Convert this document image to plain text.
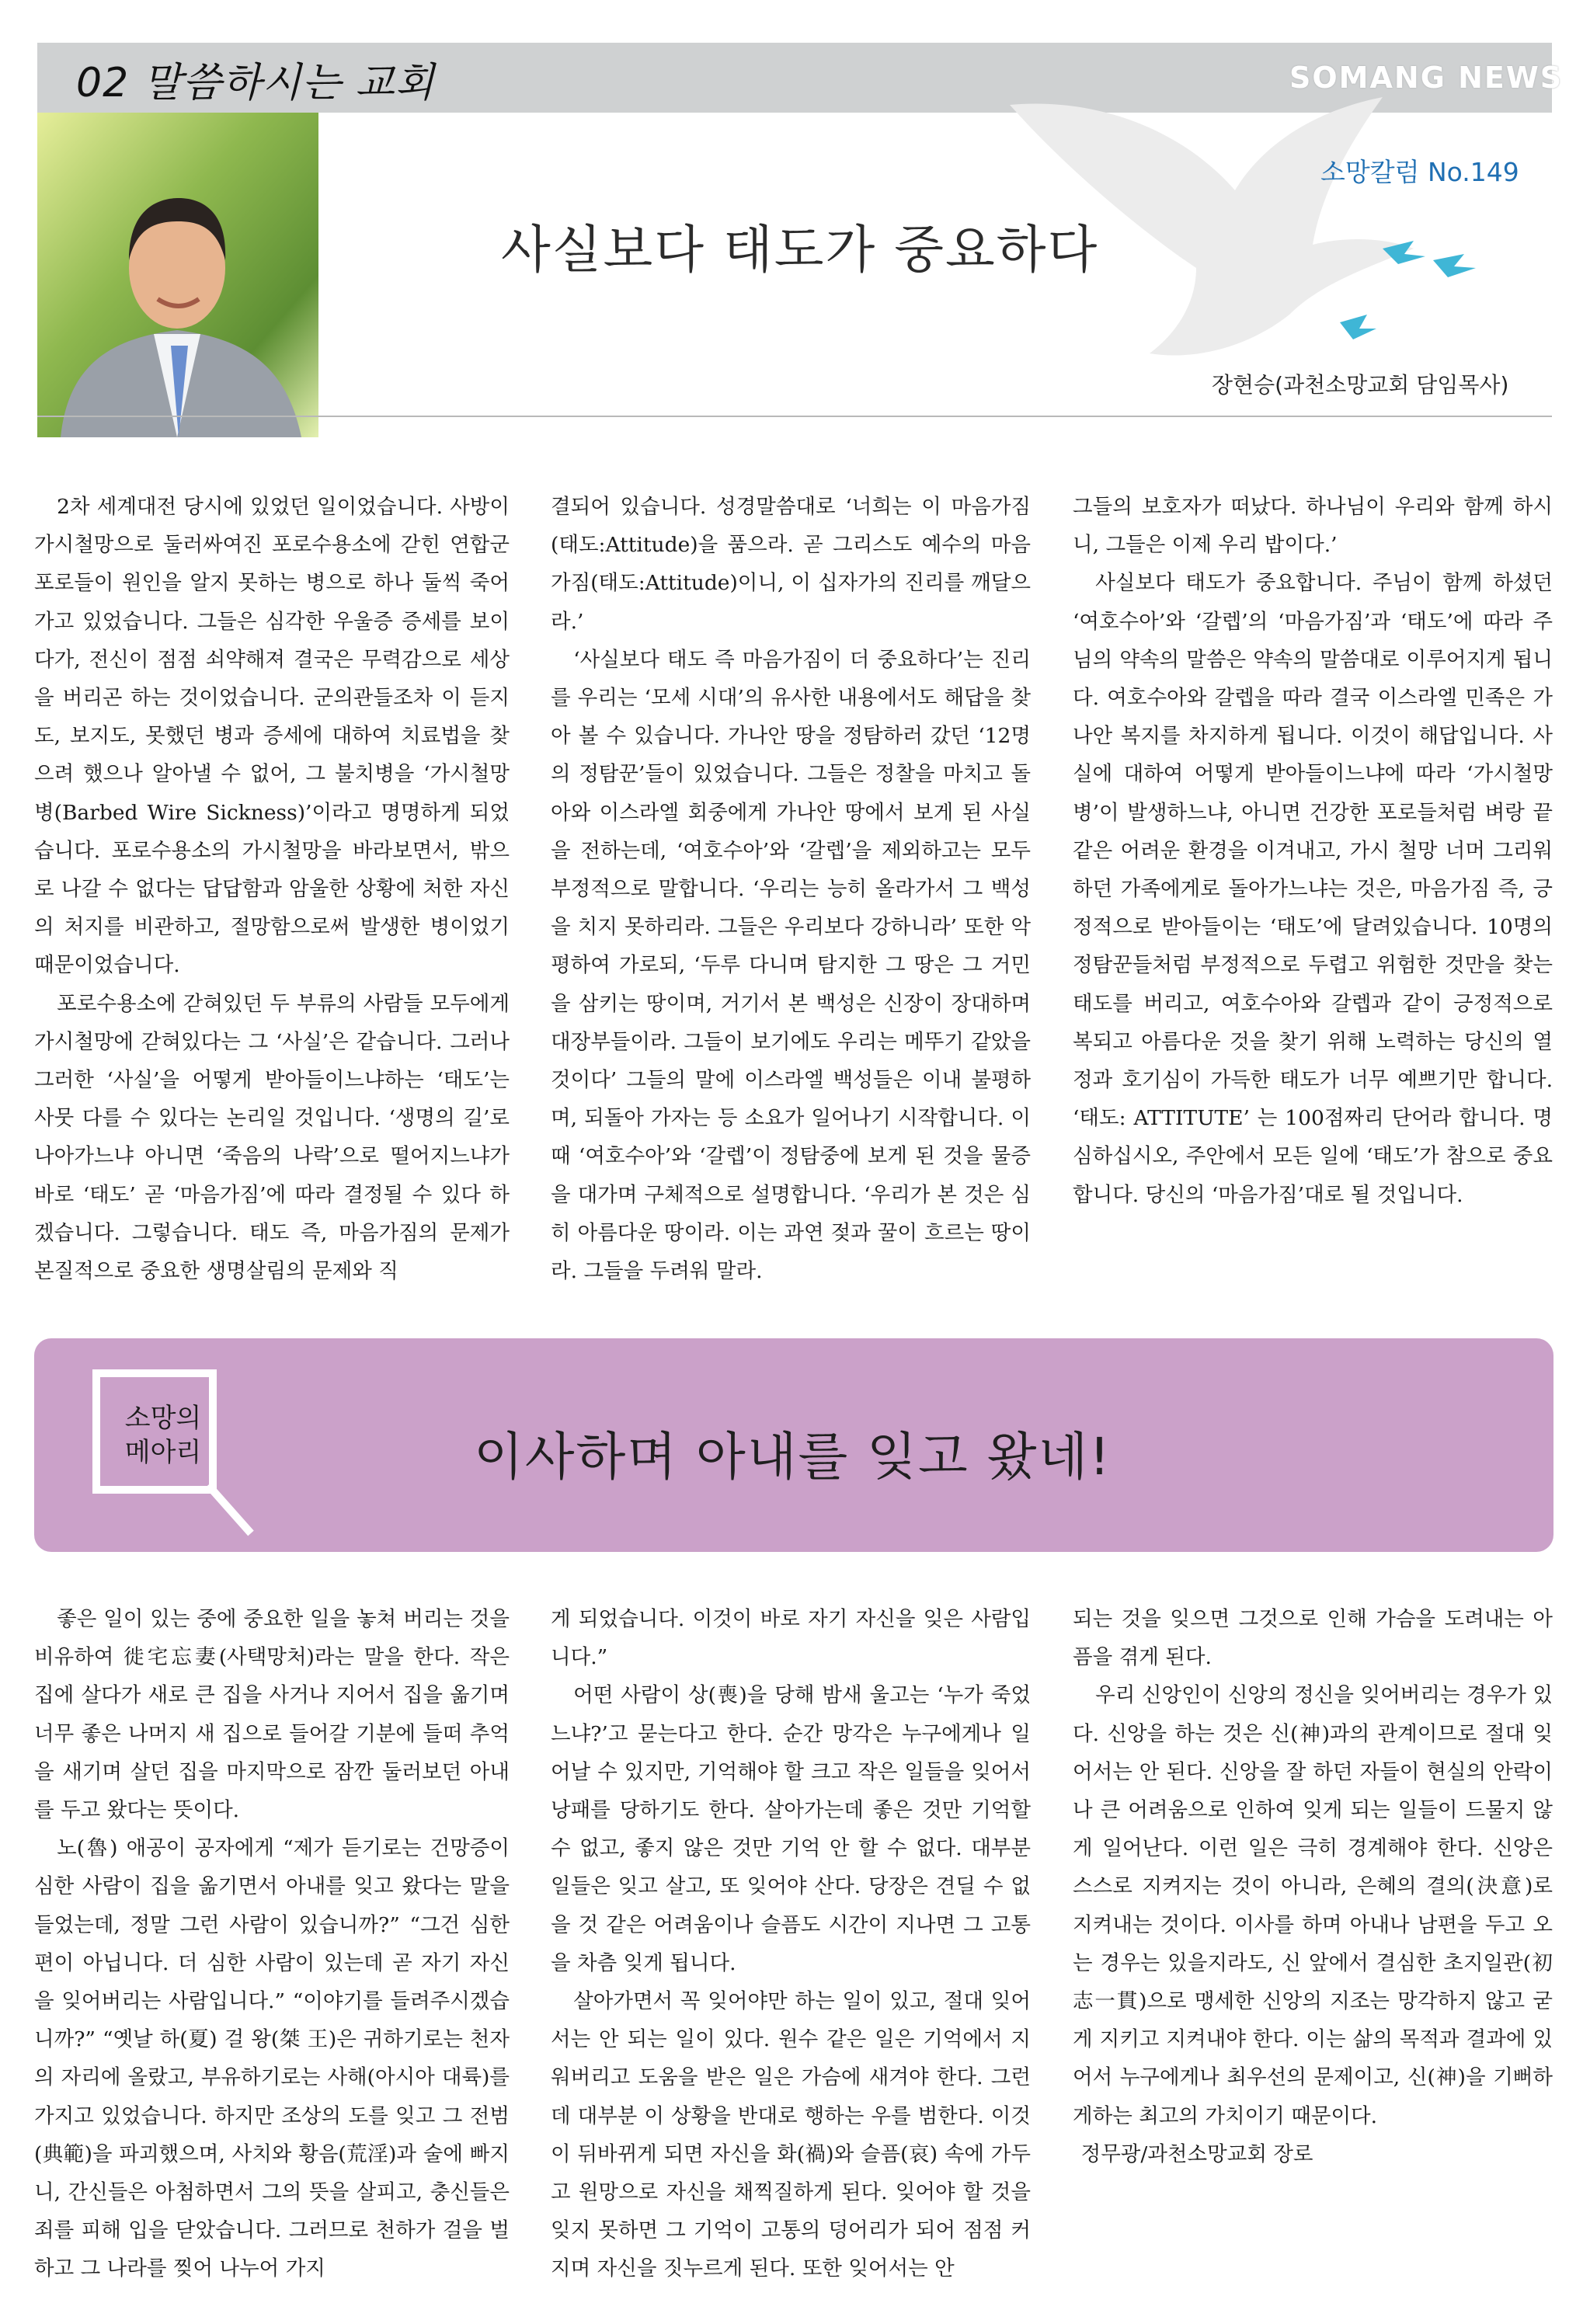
02 말씀하시는 교회	SOMANG NEWS
소망칼럼 No.149
사실보다 태도가 중요하다
장현승(과천소망교회 담임목사)

2차 세계대전 당시에 있었던 일이었습니다. 사방이 가시철망으로 둘러싸여진 포로수용소에 갇힌 연합군 포로들이 원인을 알지 못하는 병으로 하나 둘씩 죽어가고 있었습니다. 그들은 심각한 우울증 증세를 보이다가, 전신이 점점 쇠약해져 결국은 무력감으로 세상을 버리곤 하는 것이었습니다. 군의관들조차 이 듣지도, 보지도, 못했던 병과 증세에 대하여 치료법을 찾으려 했으나 알아낼 수 없어, 그 불치병을 ‘가시철망 병(Barbed Wire Sickness)’이라고 명명하게 되었습니다. 포로수용소의 가시철망을 바라보면서, 밖으로 나갈 수 없다는 답답함과 암울한 상황에 처한 자신의 처지를 비관하고, 절망함으로써 발생한 병이었기 때문이었습니다.

포로수용소에 갇혀있던 두 부류의 사람들 모두에게 가시철망에 갇혀있다는 그 ‘사실’은 같습니다. 그러나 그러한 ‘사실’을 어떻게 받아들이느냐하는 ‘태도’는 사뭇 다를 수 있다는 논리일 것입니다. ‘생명의 길’로 나아가느냐 아니면 ‘죽음의 나락’으로 떨어지느냐가 바로 ‘태도’ 곧 ‘마음가짐’에 따라 결정될 수 있다 하겠습니다. 그렇습니다. 태도 즉, 마음가짐의 문제가 본질적으로 중요한 생명살림의 문제와 직

결되어 있습니다. 성경말씀대로 ‘너희는 이 마음가짐(태도:Attitude)을 품으라. 곧 그리스도 예수의 마음가짐(태도:Attitude)이니, 이 십자가의 진리를 깨달으라.’

‘사실보다 태도 즉 마음가짐이 더 중요하다’는 진리를 우리는 ‘모세 시대’의 유사한 내용에서도 해답을 찾아 볼 수 있습니다. 가나안 땅을 정탐하러 갔던 ‘12명의 정탐꾼’들이 있었습니다. 그들은 정찰을 마치고 돌아와 이스라엘 회중에게 가나안 땅에서 보게 된 사실을 전하는데, ‘여호수아’와 ‘갈렙’을 제외하고는 모두 부정적으로 말합니다. ‘우리는 능히 올라가서 그 백성을 치지 못하리라. 그들은 우리보다 강하니라’ 또한 악평하여 가로되, ‘두루 다니며 탐지한 그 땅은 그 거민을 삼키는 땅이며, 거기서 본 백성은 신장이 장대하며 대장부들이라. 그들이 보기에도 우리는 메뚜기 같았을 것이다’ 그들의 말에 이스라엘 백성들은 이내 불평하며, 되돌아 가자는 등 소요가 일어나기 시작합니다. 이때 ‘여호수아’와 ‘갈렙’이 정탐중에 보게 된 것을 물증을 대가며 구체적으로 설명합니다. ‘우리가 본 것은 심히 아름다운 땅이라. 이는 과연 젖과 꿀이 흐르는 땅이라. 그들을 두려워 말라.

그들의 보호자가 떠났다. 하나님이 우리와 함께 하시니, 그들은 이제 우리 밥이다.’

사실보다 태도가 중요합니다. 주님이 함께 하셨던 ‘여호수아’와 ‘갈렙’의 ‘마음가짐’과 ‘태도’에 따라 주님의 약속의 말씀은 약속의 말씀대로 이루어지게 됩니다. 여호수아와 갈렙을 따라 결국 이스라엘 민족은 가나안 복지를 차지하게 됩니다. 이것이 해답입니다. 사실에 대하여 어떻게 받아들이느냐에 따라 ‘가시철망병’이 발생하느냐, 아니면 건강한 포로들처럼 벼랑 끝 같은 어려운 환경을 이겨내고, 가시 철망 너머 그리워하던 가족에게로 돌아가느냐는 것은, 마음가짐 즉, 긍정적으로 받아들이는 ‘태도’에 달려있습니다. 10명의 정탐꾼들처럼 부정적으로 두렵고 위험한 것만을 찾는 태도를 버리고, 여호수아와 갈렙과 같이 긍정적으로 복되고 아름다운 것을 찾기 위해 노력하는 당신의 열정과 호기심이 가득한 태도가 너무 예쁘기만 합니다. ‘태도: ATTITUTE’ 는 100점짜리 단어라 합니다. 명심하십시오, 주안에서 모든 일에 ‘태도’가 참으로 중요합니다. 당신의 ‘마음가짐’대로 될 것입니다.

소망의
메아리	이사하며 아내를 잊고 왔네!

좋은 일이 있는 중에 중요한 일을 놓쳐 버리는 것을 비유하여 徙宅忘妻(사택망처)라는 말을 한다. 작은 집에 살다가 새로 큰 집을 사거나 지어서 집을 옮기며 너무 좋은 나머지 새 집으로 들어갈 기분에 들떠 추억을 새기며 살던 집을 마지막으로 잠깐 둘러보던 아내를 두고 왔다는 뜻이다.

노(魯) 애공이 공자에게 “제가 듣기로는 건망증이 심한 사람이 집을 옮기면서 아내를 잊고 왔다는 말을 들었는데, 정말 그런 사람이 있습니까?” “그건 심한 편이 아닙니다. 더 심한 사람이 있는데 곧 자기 자신을 잊어버리는 사람입니다.” “이야기를 들려주시겠습니까?” “옛날 하(夏) 걸 왕(桀 王)은 귀하기로는 천자의 자리에 올랐고, 부유하기로는 사해(아시아 대륙)를 가지고 있었습니다. 하지만 조상의 도를 잊고 그 전범(典範)을 파괴했으며, 사치와 황음(荒淫)과 술에 빠지니, 간신들은 아첨하면서 그의 뜻을 살피고, 충신들은 죄를 피해 입을 닫았습니다. 그러므로 천하가 걸을 벌하고 그 나라를 찢어 나누어 가지

게 되었습니다. 이것이 바로 자기 자신을 잊은 사람입니다.”

어떤 사람이 상(喪)을 당해 밤새 울고는 ‘누가 죽었느냐?’고 묻는다고 한다. 순간 망각은 누구에게나 일어날 수 있지만, 기억해야 할 크고 작은 일들을 잊어서 낭패를 당하기도 한다. 살아가는데 좋은 것만 기억할 수 없고, 좋지 않은 것만 기억 안 할 수 없다. 대부분 일들은 잊고 살고, 또 잊어야 산다. 당장은 견딜 수 없을 것 같은 어려움이나 슬픔도 시간이 지나면 그 고통을 차츰 잊게 됩니다.

살아가면서 꼭 잊어야만 하는 일이 있고, 절대 잊어서는 안 되는 일이 있다. 원수 같은 일은 기억에서 지워버리고 도움을 받은 일은 가슴에 새겨야 한다. 그런데 대부분 이 상황을 반대로 행하는 우를 범한다. 이것이 뒤바뀌게 되면 자신을 화(禍)와 슬픔(哀) 속에 가두고 원망으로 자신을 채찍질하게 된다. 잊어야 할 것을 잊지 못하면 그 기억이 고통의 덩어리가 되어 점점 커지며 자신을 짓누르게 된다. 또한 잊어서는 안

되는 것을 잊으면 그것으로 인해 가슴을 도려내는 아픔을 겪게 된다.

우리 신앙인이 신앙의 정신을 잊어버리는 경우가 있다. 신앙을 하는 것은 신(神)과의 관계이므로 절대 잊어서는 안 된다. 신앙을 잘 하던 자들이 현실의 안락이나 큰 어려움으로 인하여 잊게 되는 일들이 드물지 않게 일어난다. 이런 일은 극히 경계해야 한다. 신앙은 스스로 지켜지는 것이 아니라, 은혜의 결의(決意)로 지켜내는 것이다. 이사를 하며 아내나 남편을 두고 오는 경우는 있을지라도, 신 앞에서 결심한 초지일관(初志一貫)으로 맹세한 신앙의 지조는 망각하지 않고 굳게 지키고 지켜내야 한다. 이는 삶의 목적과 결과에 있어서 누구에게나 최우선의 문제이고, 신(神)을 기뻐하게하는 최고의 가치이기 때문이다.

정무광/과천소망교회 장로
